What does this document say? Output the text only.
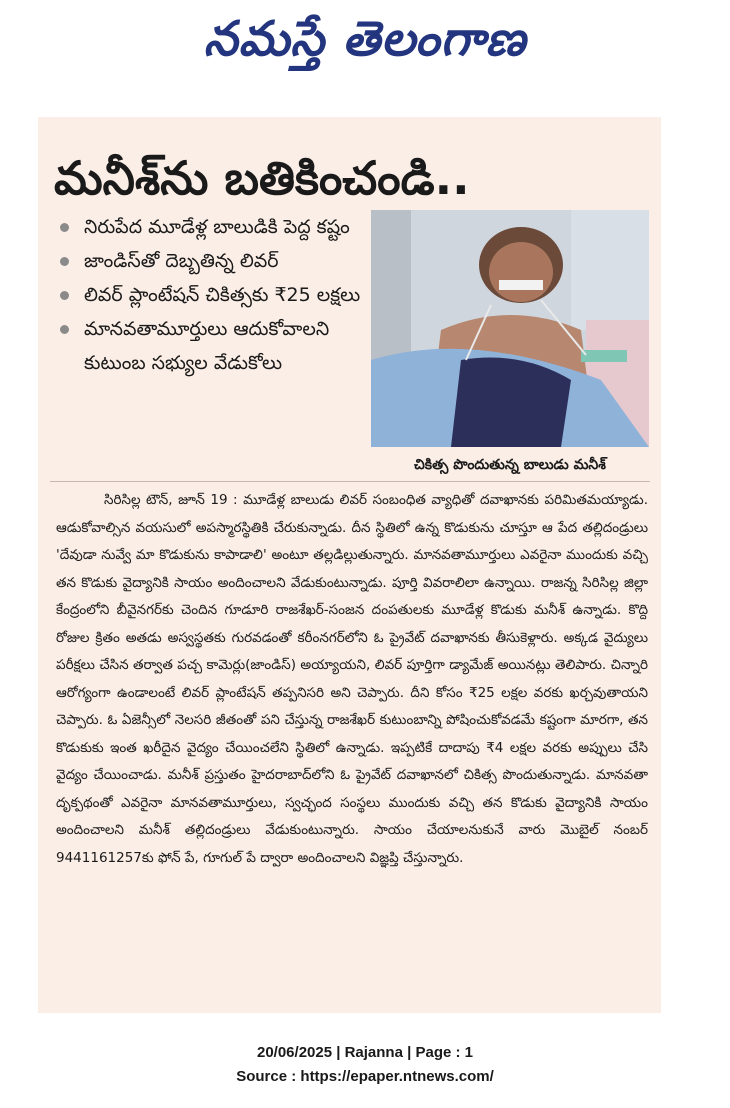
నమస్తే తెలంగాణ
మనీశ్‌ను బతికించండి..
నిరుపేద మూడేళ్ల బాలుడికి పెద్ద కష్టం
జాండిస్‌తో దెబ్బతిన్న లివర్
లివర్ ప్లాంటేషన్ చికిత్సకు ₹25 లక్షలు
మానవతామూర్తులు ఆదుకోవాలని కుటుంబ సభ్యుల వేడుకోలు
చికిత్స పొందుతున్న బాలుడు మనీశ్

సిరిసిల్ల టౌన్, జూన్ 19 : మూడేళ్ల బాలుడు లివర్ సంబంధిత వ్యాధితో దవాఖానకు పరిమితమయ్యాడు. ఆడుకోవాల్సిన వయసులో అపస్మారస్థితికి చేరుకున్నాడు. దీన స్థితిలో ఉన్న కొడుకును చూస్తూ ఆ పేద తల్లిదండ్రులు 'దేవుడా నువ్వే మా కొడుకును కాపాడాలి' అంటూ తల్లడిల్లుతున్నారు. మానవతామూర్తులు ఎవరైనా ముందుకు వచ్చి తన కొడుకు వైద్యానికి సాయం అందించాలని వేడుకుంటున్నాడు. పూర్తి వివరాలిలా ఉన్నాయి. రాజన్న సిరిసిల్ల జిల్లా కేంద్రంలోని బీవైనగర్‌కు చెందిన గూడూరి రాజశేఖర్-సంజన దంపతులకు మూడేళ్ల కొడుకు మనీశ్ ఉన్నాడు. కొద్ది రోజుల క్రితం అతడు అస్వస్థతకు గురవడంతో కరీంనగర్‌లోని ఓ ప్రైవేట్ దవాఖానకు తీసుకెళ్లారు. అక్కడ వైద్యులు పరీక్షలు చేసిన తర్వాత పచ్చ కామెర్లు(జాండిస్) అయ్యాయని, లివర్ పూర్తిగా డ్యామేజ్ అయినట్లు తెలిపారు. చిన్నారి ఆరోగ్యంగా ఉండాలంటే లివర్ ప్లాంటేషన్ తప్పనిసరి అని చెప్పారు. దీని కోసం ₹25 లక్షల వరకు ఖర్చవుతాయని చెప్పారు. ఓ ఏజెన్సీలో నెలసరి జీతంతో పని చేస్తున్న రాజశేఖర్ కుటుంబాన్ని పోషించుకోవడమే కష్టంగా మారగా, తన కొడుకుకు ఇంత ఖరీదైన వైద్యం చేయించలేని స్థితిలో ఉన్నాడు. ఇప్పటికే దాదాపు ₹4 లక్షల వరకు అప్పులు చేసి వైద్యం చేయించాడు. మనీశ్ ప్రస్తుతం హైదరాబాద్‌లోని ఓ ప్రైవేట్ దవాఖానలో చికిత్స పొందుతున్నాడు. మానవతా దృక్పథంతో ఎవరైనా మానవతామూర్తులు, స్వచ్ఛంద సంస్థలు ముందుకు వచ్చి తన కొడుకు వైద్యానికి సాయం అందించాలని మనీశ్ తల్లిదండ్రులు వేడుకుంటున్నారు. సాయం చేయాలనుకునే వారు మొబైల్ నంబర్ 9441161257కు ఫోన్ పే, గూగుల్ పే ద్వారా అందించాలని విజ్ఞప్తి చేస్తున్నారు.

20/06/2025 | Rajanna | Page : 1
Source : https://epaper.ntnews.com/
